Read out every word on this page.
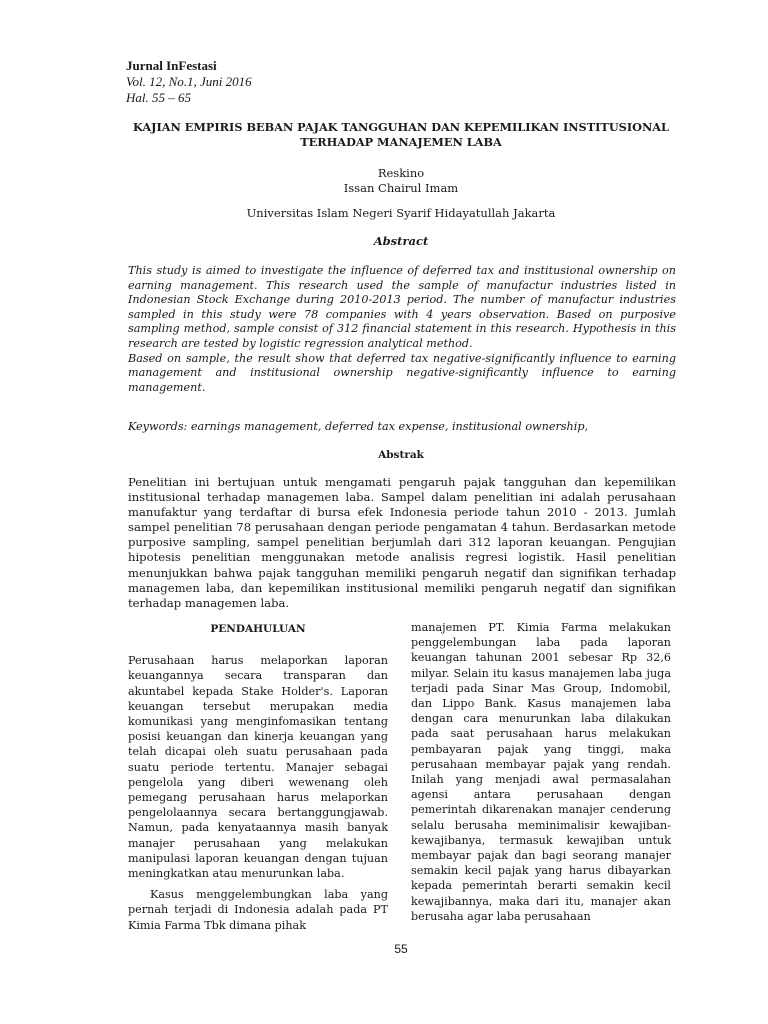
Jurnal InFestasi
Vol. 12, No.1, Juni 2016
Hal. 55 – 65
KAJIAN EMPIRIS BEBAN PAJAK TANGGUHAN DAN KEPEMILIKAN INSTITUSIONAL TERHADAP MANAJEMEN LABA
Reskino
Issan Chairul Imam
Universitas Islam Negeri Syarif Hidayatullah Jakarta
Abstract

This study is aimed to investigate the influence of deferred tax and institusional ownership on earning management. This research used the sample of manufactur industries listed in Indonesian Stock Exchange during 2010-2013 period. The number of manufactur industries sampled in this study were 78 companies with 4 years observation. Based on purposive sampling method, sample consist of 312 financial statement in this research. Hypothesis in this research are tested by logistic regression analytical method.

Based on sample, the result show that deferred tax negative-significantly influence to earning management and institusional ownership negative-significantly influence to earning management.

Keywords: earnings management, deferred tax expense, institusional ownership,
Abstrak
Penelitian ini bertujuan untuk mengamati pengaruh pajak tangguhan dan kepemilikan institusional terhadap managemen laba. Sampel dalam penelitian ini adalah perusahaan manufaktur yang terdaftar di bursa efek Indonesia periode tahun 2010 - 2013. Jumlah sampel penelitian 78 perusahaan dengan periode pengamatan 4 tahun. Berdasarkan metode purposive sampling, sampel penelitian berjumlah dari 312 laporan keuangan. Pengujian hipotesis penelitian menggunakan metode analisis regresi logistik. Hasil penelitian menunjukkan bahwa pajak tangguhan memiliki pengaruh negatif dan signifikan terhadap managemen laba, dan kepemilikan institusional memiliki pengaruh negatif dan signifikan terhadap managemen laba.
PENDAHULUAN

Perusahaan harus melaporkan laporan keuangannya secara transparan dan akuntabel kepada Stake Holder's. Laporan keuangan tersebut merupakan media komunikasi yang menginfomasikan tentang posisi keuangan dan kinerja keuangan yang telah dicapai oleh suatu perusahaan pada suatu periode tertentu. Manajer sebagai pengelola yang diberi wewenang oleh pemegang perusahaan harus melaporkan pengelolaannya secara bertanggungjawab. Namun, pada kenyataannya masih banyak manajer perusahaan yang melakukan manipulasi laporan keuangan dengan tujuan meningkatkan atau menurunkan laba.

Kasus menggelembungkan laba yang pernah terjadi di Indonesia adalah pada PT Kimia Farma Tbk dimana pihak

manajemen PT. Kimia Farma melakukan penggelembungan laba pada laporan keuangan tahunan 2001 sebesar Rp 32,6 milyar. Selain itu kasus manajemen laba juga terjadi pada Sinar Mas Group, Indomobil, dan Lippo Bank. Kasus manajemen laba dengan cara menurunkan laba dilakukan pada saat perusahaan harus melakukan pembayaran pajak yang tinggi, maka perusahaan membayar pajak yang rendah. Inilah yang menjadi awal permasalahan agensi antara perusahaan dengan pemerintah dikarenakan manajer cenderung selalu berusaha meminimalisir kewajiban-kewajibanya, termasuk kewajiban untuk membayar pajak dan bagi seorang manajer semakin kecil pajak yang harus dibayarkan kepada pemerintah berarti semakin kecil kewajibannya, maka dari itu, manajer akan berusaha agar laba perusahaan

55
